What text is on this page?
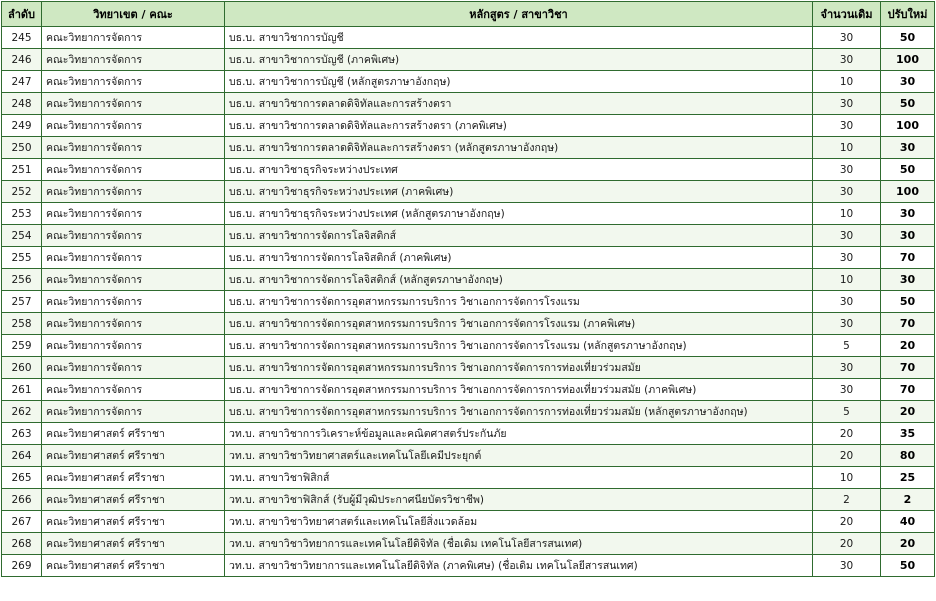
ลำดับ	วิทยาเขต / คณะ	หลักสูตร / สาขาวิชา	จำนวนเดิม	ปรับใหม่
245	คณะวิทยาการจัดการ	บธ.บ. สาขาวิชาการบัญชี	30	50
246	คณะวิทยาการจัดการ	บธ.บ. สาขาวิชาการบัญชี (ภาคพิเศษ)	30	100
247	คณะวิทยาการจัดการ	บธ.บ. สาขาวิชาการบัญชี (หลักสูตรภาษาอังกฤษ)	10	30
248	คณะวิทยาการจัดการ	บธ.บ. สาขาวิชาการตลาดดิจิทัลและการสร้างตรา	30	50
249	คณะวิทยาการจัดการ	บธ.บ. สาขาวิชาการตลาดดิจิทัลและการสร้างตรา (ภาคพิเศษ)	30	100
250	คณะวิทยาการจัดการ	บธ.บ. สาขาวิชาการตลาดดิจิทัลและการสร้างตรา (หลักสูตรภาษาอังกฤษ)	10	30
251	คณะวิทยาการจัดการ	บธ.บ. สาขาวิชาธุรกิจระหว่างประเทศ	30	50
252	คณะวิทยาการจัดการ	บธ.บ. สาขาวิชาธุรกิจระหว่างประเทศ (ภาคพิเศษ)	30	100
253	คณะวิทยาการจัดการ	บธ.บ. สาขาวิชาธุรกิจระหว่างประเทศ (หลักสูตรภาษาอังกฤษ)	10	30
254	คณะวิทยาการจัดการ	บธ.บ. สาขาวิชาการจัดการโลจิสติกส์	30	30
255	คณะวิทยาการจัดการ	บธ.บ. สาขาวิชาการจัดการโลจิสติกส์ (ภาคพิเศษ)	30	70
256	คณะวิทยาการจัดการ	บธ.บ. สาขาวิชาการจัดการโลจิสติกส์ (หลักสูตรภาษาอังกฤษ)	10	30
257	คณะวิทยาการจัดการ	บธ.บ. สาขาวิชาการจัดการอุตสาหกรรมการบริการ วิชาเอกการจัดการโรงแรม	30	50
258	คณะวิทยาการจัดการ	บธ.บ. สาขาวิชาการจัดการอุตสาหกรรมการบริการ วิชาเอกการจัดการโรงแรม (ภาคพิเศษ)	30	70
259	คณะวิทยาการจัดการ	บธ.บ. สาขาวิชาการจัดการอุตสาหกรรมการบริการ วิชาเอกการจัดการโรงแรม (หลักสูตรภาษาอังกฤษ)	5	20
260	คณะวิทยาการจัดการ	บธ.บ. สาขาวิชาการจัดการอุตสาหกรรมการบริการ วิชาเอกการจัดการการท่องเที่ยวร่วมสมัย	30	70
261	คณะวิทยาการจัดการ	บธ.บ. สาขาวิชาการจัดการอุตสาหกรรมการบริการ วิชาเอกการจัดการการท่องเที่ยวร่วมสมัย (ภาคพิเศษ)	30	70
262	คณะวิทยาการจัดการ	บธ.บ. สาขาวิชาการจัดการอุตสาหกรรมการบริการ วิชาเอกการจัดการการท่องเที่ยวร่วมสมัย (หลักสูตรภาษาอังกฤษ)	5	20
263	คณะวิทยาศาสตร์ ศรีราชา	วท.บ. สาขาวิชาการวิเคราะห์ข้อมูลและคณิตศาสตร์ประกันภัย	20	35
264	คณะวิทยาศาสตร์ ศรีราชา	วท.บ. สาขาวิชาวิทยาศาสตร์และเทคโนโลยีเคมีประยุกต์	20	80
265	คณะวิทยาศาสตร์ ศรีราชา	วท.บ. สาขาวิชาฟิสิกส์	10	25
266	คณะวิทยาศาสตร์ ศรีราชา	วท.บ. สาขาวิชาฟิสิกส์ (รับผู้มีวุฒิประกาศนียบัตรวิชาชีพ)	2	2
267	คณะวิทยาศาสตร์ ศรีราชา	วท.บ. สาขาวิชาวิทยาศาสตร์และเทคโนโลยีสิ่งแวดล้อม	20	40
268	คณะวิทยาศาสตร์ ศรีราชา	วท.บ. สาขาวิชาวิทยาการและเทคโนโลยีดิจิทัล (ชื่อเดิม เทคโนโลยีสารสนเทศ)	20	20
269	คณะวิทยาศาสตร์ ศรีราชา	วท.บ. สาขาวิชาวิทยาการและเทคโนโลยีดิจิทัล (ภาคพิเศษ) (ชื่อเดิม เทคโนโลยีสารสนเทศ)	30	50
